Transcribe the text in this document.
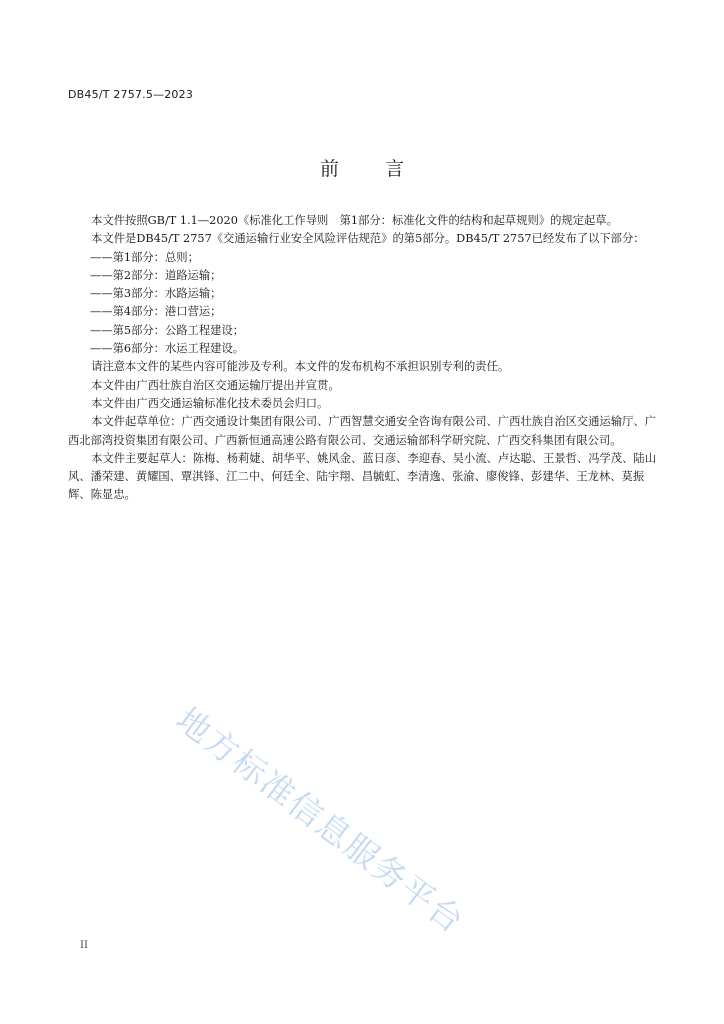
DB45/T 2757.5—2023
前 言

本文件按照GB/T 1.1—2020《标准化工作导则　第1部分：标准化文件的结构和起草规则》的规定起草。

本文件是DB45/T 2757《交通运输行业安全风险评估规范》的第5部分。DB45/T 2757已经发布了以下部分：

——第1部分：总则；

——第2部分：道路运输；

——第3部分：水路运输；

——第4部分：港口营运；

——第5部分：公路工程建设；

——第6部分：水运工程建设。

请注意本文件的某些内容可能涉及专利。本文件的发布机构不承担识别专利的责任。

本文件由广西壮族自治区交通运输厅提出并宣贯。

本文件由广西交通运输标准化技术委员会归口。

本文件起草单位：广西交通设计集团有限公司、广西智慧交通安全咨询有限公司、广西壮族自治区交通运输厅、广西北部湾投资集团有限公司、广西新恒通高速公路有限公司、交通运输部科学研究院、广西交科集团有限公司。

本文件主要起草人：陈梅、杨莉婕、胡华平、姚风金、蓝日彦、李迎春、吴小流、卢达聪、王景哲、冯学茂、陆山风、潘荣建、黄耀国、覃淇锋、江二中、何廷全、陆宇翔、昌毓虹、李清逸、张渝、廖俊锋、彭建华、王龙林、莫振辉、陈显忠。

地方标准信息服务平台
II
